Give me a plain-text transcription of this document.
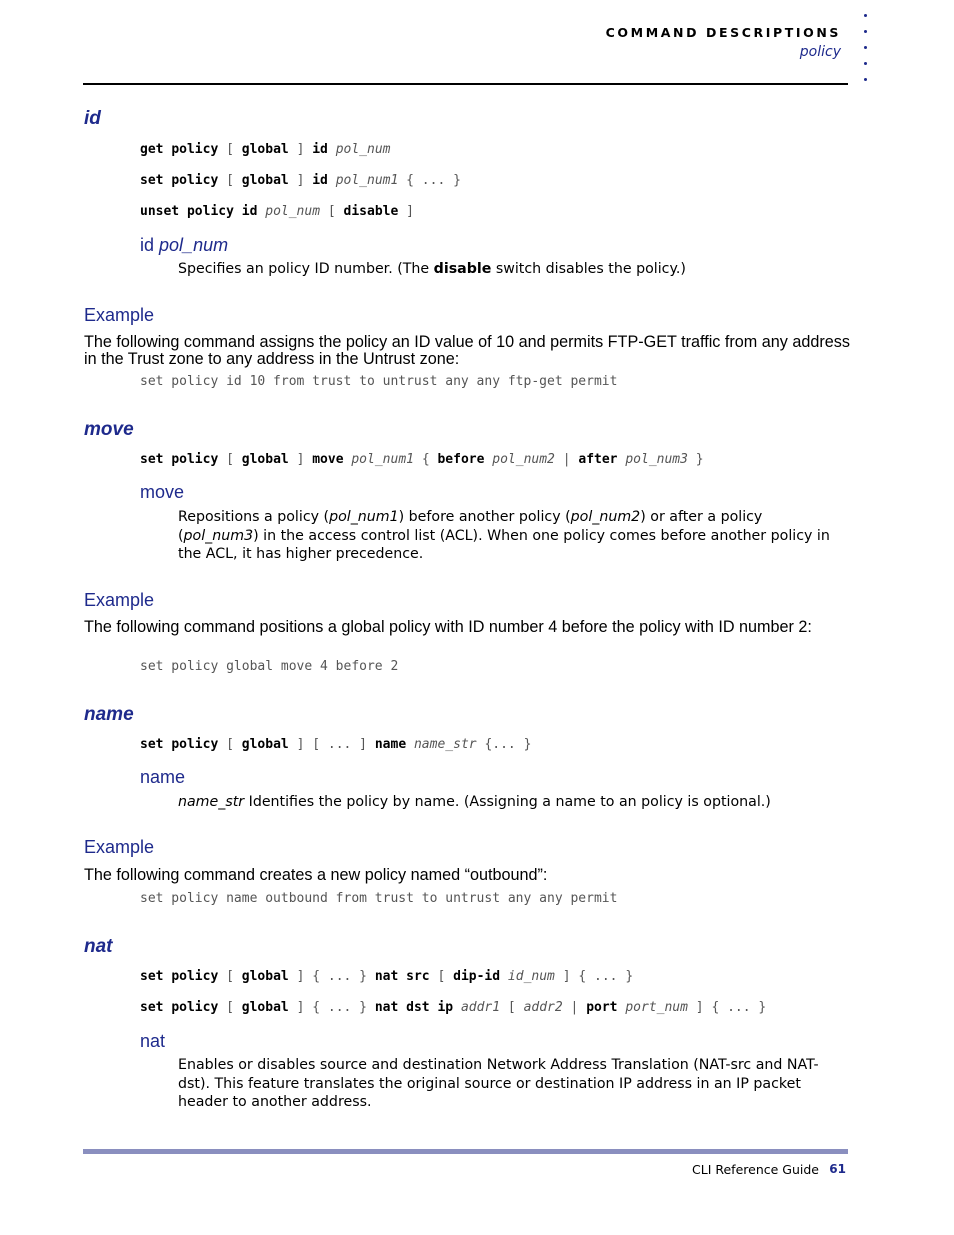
COMMAND DESCRIPTIONS
policy
id
get policy [ global ] id pol_num
set policy [ global ] id pol_num1 { ... }
unset policy id pol_num [ disable ]
id pol_num
Specifies an policy ID number. (The disable switch disables the policy.)
Example
The following command assigns the policy an ID value of 10 and permits FTP-GET traffic from any address in the Trust zone to any address in the Untrust zone:
set policy id 10 from trust to untrust any any ftp-get permit
move
set policy [ global ] move pol_num1 { before pol_num2 | after pol_num3 }
move
Repositions a policy (pol_num1) before another policy (pol_num2) or after a policy (pol_num3) in the access control list (ACL). When one policy comes before another policy in the ACL, it has higher precedence.
Example
The following command positions a global policy with ID number 4 before the policy with ID number 2:
set policy global move 4 before 2
name
set policy [ global ] [ ... ] name name_str {... }
name
name_str Identifies the policy by name. (Assigning a name to an policy is optional.)
Example
The following command creates a new policy named “outbound”:
set policy name outbound from trust to untrust any any permit
nat
set policy [ global ] { ... } nat src [ dip-id id_num ] { ... }
set policy [ global ] { ... } nat dst ip addr1 [ addr2 | port port_num ] { ... }
nat
Enables or disables source and destination Network Address Translation (NAT-src and NAT-dst). This feature translates the original source or destination IP address in an IP packet header to another address.
CLI Reference Guide 61
